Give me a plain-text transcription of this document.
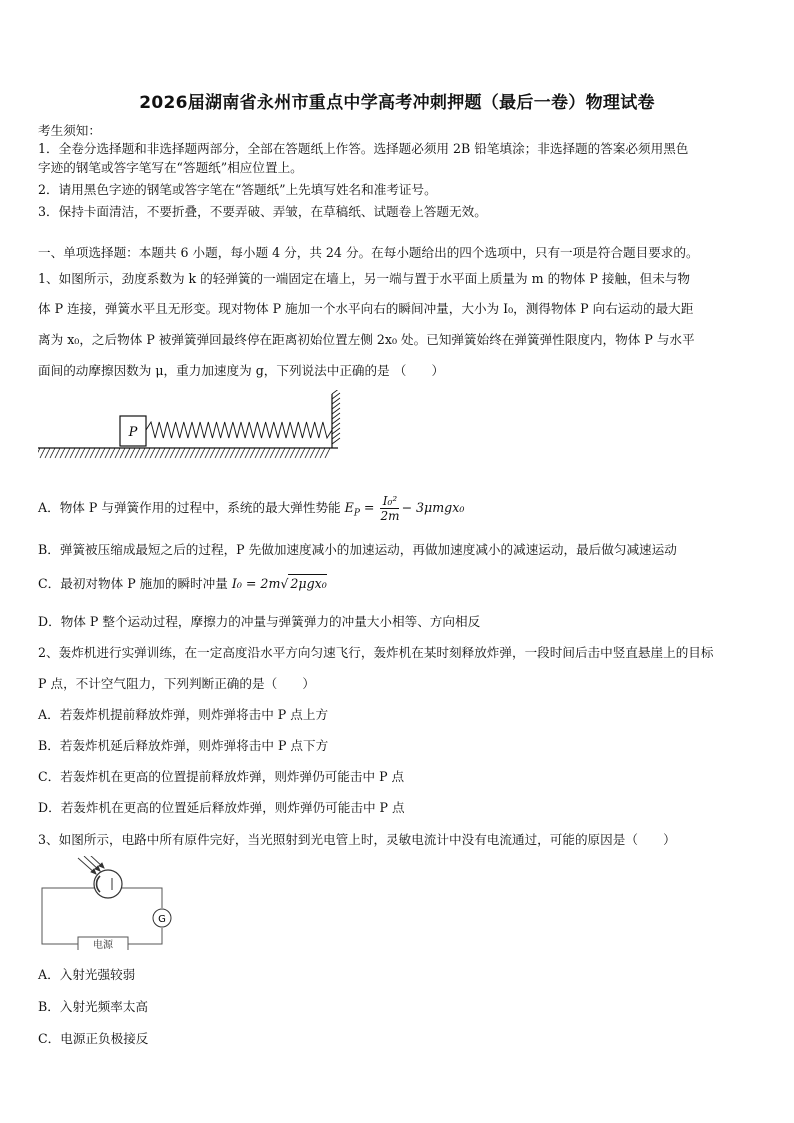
2026届湖南省永州市重点中学高考冲刺押题（最后一卷）物理试卷
考生须知：
1．全卷分选择题和非选择题两部分，全部在答题纸上作答。选择题必须用 2B 铅笔填涂；非选择题的答案必须用黑色
字迹的钢笔或答字笔写在“答题纸”相应位置上。
2．请用黑色字迹的钢笔或答字笔在“答题纸”上先填写姓名和准考证号。
3．保持卡面清洁，不要折叠，不要弄破、弄皱，在草稿纸、试题卷上答题无效。
一、单项选择题：本题共 6 小题，每小题 4 分，共 24 分。在每小题给出的四个选项中，只有一项是符合题目要求的。
1、如图所示，劲度系数为 k 的轻弹簧的一端固定在墙上，另一端与置于水平面上质量为 m 的物体 P 接触，但未与物
体 P 连接，弹簧水平且无形变。现对物体 P 施加一个水平向右的瞬间冲量，大小为 I₀，测得物体 P 向右运动的最大距
离为 x₀，之后物体 P 被弹簧弹回最终停在距离初始位置左侧 2x₀ 处。已知弹簧始终在弹簧弹性限度内，物体 P 与水平
面间的动摩擦因数为 μ，重力加速度为 g，下列说法中正确的是 （　　）
P
A．物体 P 与弹簧作用的过程中，系统的最大弹性势能 $E_P = \frac{\text{I₀²}}{2m} - 3\mu mgx_0$
B．弹簧被压缩成最短之后的过程，P 先做加速度减小的加速运动，再做加速度减小的减速运动，最后做匀减速运动
C．最初对物体 P 施加的瞬时冲量 I₀ = 2m√ 2μgx₀
D．物体 P 整个运动过程，摩擦力的冲量与弹簧弹力的冲量大小相等、方向相反
2、轰炸机进行实弹训练，在一定高度沿水平方向匀速飞行，轰炸机在某时刻释放炸弹，一段时间后击中竖直悬崖上的目标
P 点，不计空气阻力，下列判断正确的是（　　）
A．若轰炸机提前释放炸弹，则炸弹将击中 P 点上方
B．若轰炸机延后释放炸弹，则炸弹将击中 P 点下方
C．若轰炸机在更高的位置提前释放炸弹，则炸弹仍可能击中 P 点
D．若轰炸机在更高的位置延后释放炸弹，则炸弹仍可能击中 P 点
3、如图所示，电路中所有原件完好，当光照射到光电管上时，灵敏电流计中没有电流通过，可能的原因是（　　）
G
电源
A．入射光强较弱
B．入射光频率太高
C．电源正负极接反
